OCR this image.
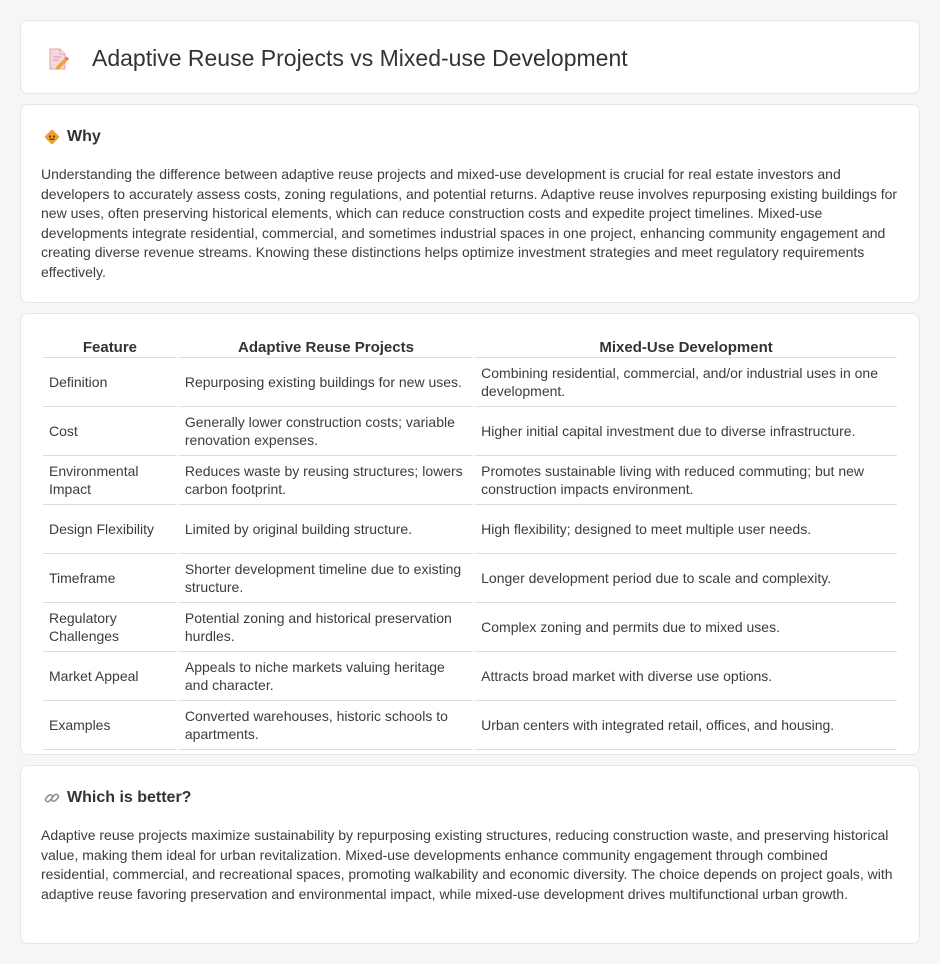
Adaptive Reuse Projects vs Mixed-use Development
Why

Understanding the difference between adaptive reuse projects and mixed-use development is crucial for real estate investors and developers to accurately assess costs, zoning regulations, and potential returns. Adaptive reuse involves repurposing existing buildings for new uses, often preserving historical elements, which can reduce construction costs and expedite project timelines. Mixed-use developments integrate residential, commercial, and sometimes industrial spaces in one project, enhancing community engagement and creating diverse revenue streams. Knowing these distinctions helps optimize investment strategies and meet regulatory requirements effectively.

Feature	Adaptive Reuse Projects	Mixed-Use Development
Definition	Repurposing existing buildings for new uses.	Combining residential, commercial, and/or industrial uses in one development.
Cost	Generally lower construction costs; variable renovation expenses.	Higher initial capital investment due to diverse infrastructure.
Environmental Impact	Reduces waste by reusing structures; lowers carbon footprint.	Promotes sustainable living with reduced commuting; but new construction impacts environment.
Design Flexibility	Limited by original building structure.	High flexibility; designed to meet multiple user needs.
Timeframe	Shorter development timeline due to existing structure.	Longer development period due to scale and complexity.
Regulatory Challenges	Potential zoning and historical preservation hurdles.	Complex zoning and permits due to mixed uses.
Market Appeal	Appeals to niche markets valuing heritage and character.	Attracts broad market with diverse use options.
Examples	Converted warehouses, historic schools to apartments.	Urban centers with integrated retail, offices, and housing.
Which is better?

Adaptive reuse projects maximize sustainability by repurposing existing structures, reducing construction waste, and preserving historical value, making them ideal for urban revitalization. Mixed-use developments enhance community engagement through combined residential, commercial, and recreational spaces, promoting walkability and economic diversity. The choice depends on project goals, with adaptive reuse favoring preservation and environmental impact, while mixed-use development drives multifunctional urban growth.
